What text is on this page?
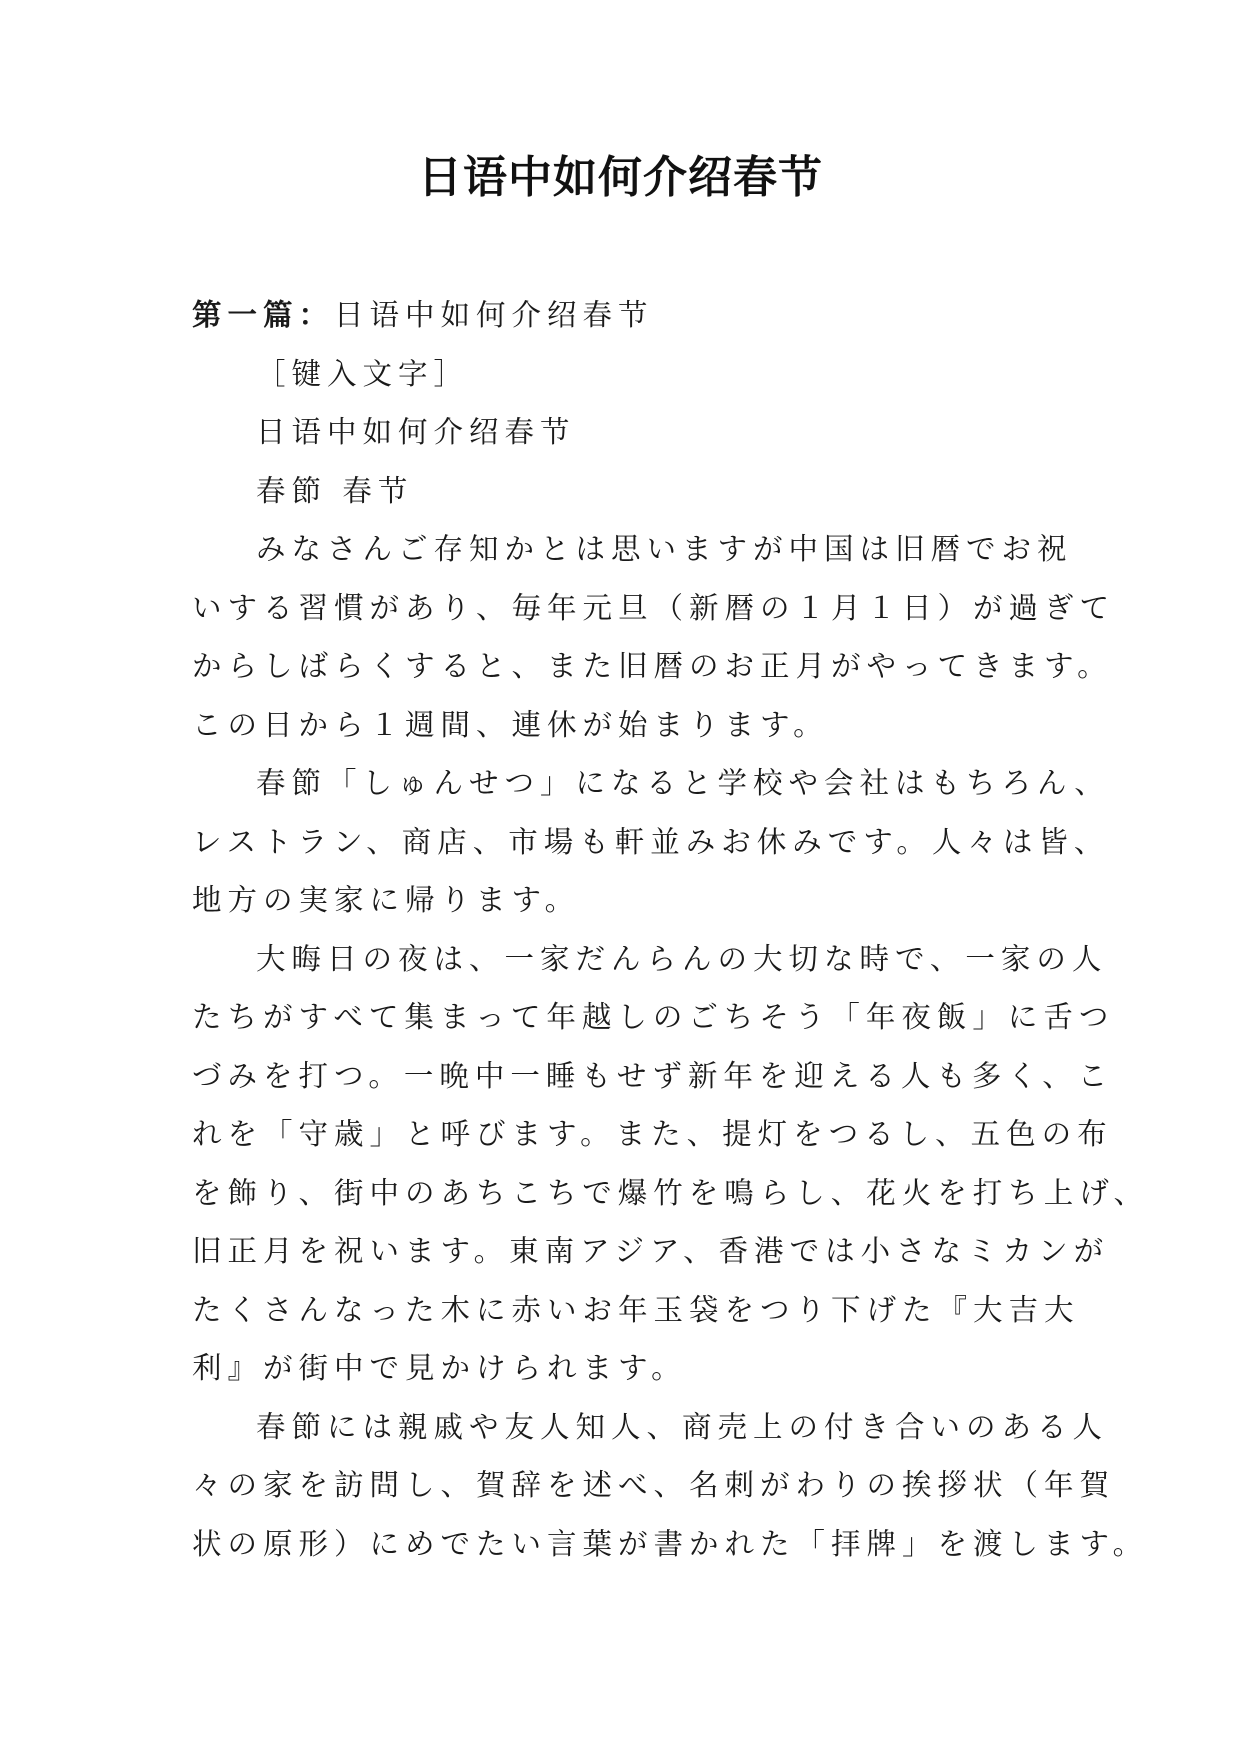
日语中如何介绍春节
第一篇：日语中如何介绍春节
［键入文字］
日语中如何介绍春节
春節 春节
みなさんご存知かとは思いますが中国は旧暦でお祝
いする習慣があり、毎年元旦（新暦の１月１日）が過ぎて
からしばらくすると、また旧暦のお正月がやってきます。
この日から１週間、連休が始まります。
春節「しゅんせつ」になると学校や会社はもちろん、
レストラン、商店、市場も軒並みお休みです。人々は皆、
地方の実家に帰ります。
大晦日の夜は、一家だんらんの大切な時で、一家の人
たちがすべて集まって年越しのごちそう「年夜飯」に舌つ
づみを打つ。一晩中一睡もせず新年を迎える人も多く、こ
れを「守歳」と呼びます。また、提灯をつるし、五色の布
を飾り、街中のあちこちで爆竹を鳴らし、花火を打ち上げ、
旧正月を祝います。東南アジア、香港では小さなミカンが
たくさんなった木に赤いお年玉袋をつり下げた『大吉大
利』が街中で見かけられます。
春節には親戚や友人知人、商売上の付き合いのある人
々の家を訪問し、賀辞を述べ、名刺がわりの挨拶状（年賀
状の原形）にめでたい言葉が書かれた「拝牌」を渡します。
